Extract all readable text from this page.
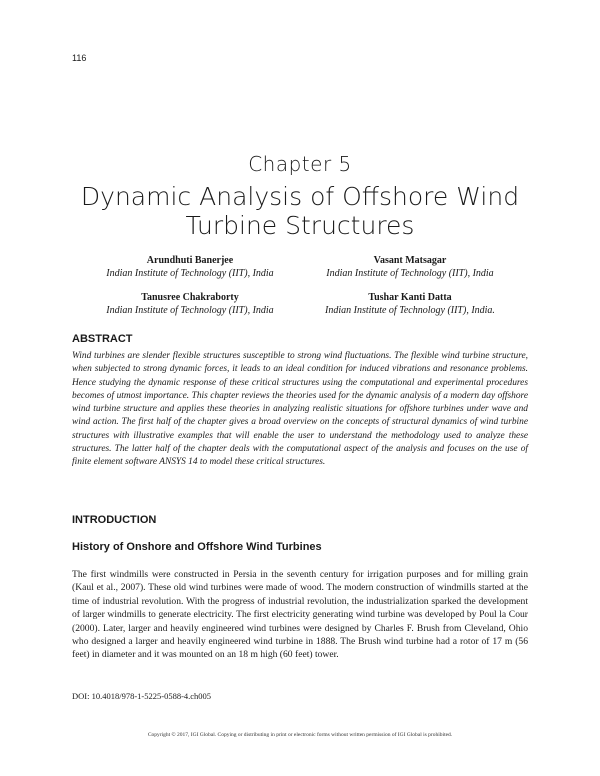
116
Chapter 5
Dynamic Analysis of Offshore Wind Turbine Structures
Arundhuti Banerjee
Indian Institute of Technology (IIT), India
Vasant Matsagar
Indian Institute of Technology (IIT), India
Tanusree Chakraborty
Indian Institute of Technology (IIT), India
Tushar Kanti Datta
Indian Institute of Technology (IIT), India.
ABSTRACT
Wind turbines are slender flexible structures susceptible to strong wind fluctuations. The flexible wind turbine structure, when subjected to strong dynamic forces, it leads to an ideal condition for induced vibrations and resonance problems. Hence studying the dynamic response of these critical structures using the computational and experimental procedures becomes of utmost importance. This chapter reviews the theories used for the dynamic analysis of a modern day offshore wind turbine structure and applies these theories in analyzing realistic situations for offshore turbines under wave and wind action. The first half of the chapter gives a broad overview on the concepts of structural dynamics of wind turbine structures with illustrative examples that will enable the user to understand the methodology used to analyze these structures. The latter half of the chapter deals with the computational aspect of the analysis and focuses on the use of finite element software ANSYS 14 to model these critical structures.
INTRODUCTION
History of Onshore and Offshore Wind Turbines
The first windmills were constructed in Persia in the seventh century for irrigation purposes and for milling grain (Kaul et al., 2007). These old wind turbines were made of wood. The modern construction of windmills started at the time of industrial revolution. With the progress of industrial revolution, the industrialization sparked the development of larger windmills to generate electricity. The first electricity generating wind turbine was developed by Poul la Cour (2000). Later, larger and heavily engineered wind turbines were designed by Charles F. Brush from Cleveland, Ohio who designed a larger and heavily engineered wind turbine in 1888. The Brush wind turbine had a rotor of 17 m (56 feet) in diameter and it was mounted on an 18 m high (60 feet) tower.
DOI: 10.4018/978-1-5225-0588-4.ch005
Copyright © 2017, IGI Global. Copying or distributing in print or electronic forms without written permission of IGI Global is prohibited.
